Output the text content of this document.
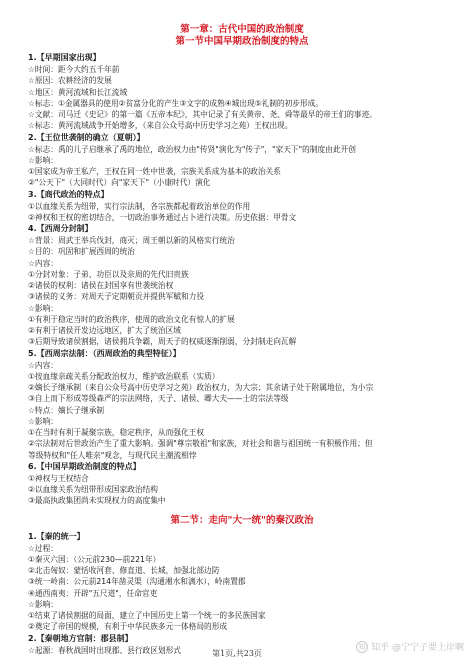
第一章：古代中国的政治制度
第一节中国早期政治制度的特点
1.【早期国家出现】
☆时间：距今大约五千年前
☆原因：农耕经济的发展
☆地区：黄河流域和长江流域
☆标志：①金属器具的使用②贫富分化的产生③文字的成熟④城出现⑤礼制的初步形成。
☆文献：司马迁《史记》的第一篇《五帝本纪》，其中记录了有关黄帝、尧、舜等最早的帝王们的事迹。
☆标志：黄河流域战争开始增多，（来自公众号高中历史学习之苑）王权出现。
2.【王位世袭制的确立（夏朝）】
☆标志：禹的儿子启继承了禹的地位，政治权力由"传贤"演化为"传子"，"家天下"的制度由此开创
☆影响：
①国家成为帝王私产，王权在同一姓中世袭，宗族关系成为基本的政治关系
②"公天下"（大同时代）向"家天下"（小康时代）演化
3.【商代政治的特点】
①以血缘关系为纽带，实行宗法制，各宗族都起着政治单位的作用
②神权和王权的密切结合，一切政治事务通过占卜进行决策。历史依据：甲骨文
4.【西周分封制】
☆背景：周武王举兵伐封，商灭；周王朝以新的风格实行统治
☆目的：巩固和扩展西周的统治
☆内容：
①分封对象：子弟、功臣以及亲周的先代旧贵族
②诸侯的权利：诸侯在封国享有世袭统治权
③诸侯的义务：对周天子定期朝贡并提供军赋和力役
☆影响：
①有利于稳定当时的政治秩序，使周的政治文化有惊人的扩展
②有利于诸侯开发边远地区，扩大了统治区域
③后期导致诸侯割据，诸侯拥兵争霸，周天子的权威逐渐削弱，分封制走向瓦解
5.【西周宗法制：（西周政治的典型特征）】
☆内容：
①按血缘亲疏关系分配政治权力，维护政治联系（实质）
②嫡长子继承制（来自公众号高中历史学习之苑）政治权力，为大宗；其余诸子处于附属地位，为小宗
③自上而下形成等级森严的宗法网络，天子、诸侯、卿大夫——士的宗法等级
☆特点：嫡长子继承制
☆影响：
①在当时有利于凝聚宗族，稳定秩序，从而强化王权
②宗法制对后世政治产生了重大影响。强调"尊宗敬祖"和家族，对社会和谐与祖国统一有积极作用；但
等级特权和"任人唯亲"观念，与现代民主潮流相悖
6.【中国早期政治制度的特点】
①神权与王权结合
②以血缘关系为纽带形成国家政治结构
③最高执政集团尚未实现权力的高度集中
第二节：走向"大一统"的秦汉政治
1.【秦的统一】
☆过程：
①秦灭六国：（公元前230—前221年）
②北击匈奴：蒙恬收河套、修直道、长城，加强北部边防
③统一岭南：公元前214年凿灵渠（沟通湘水和漓水），岭南置郡
④通西南夷：开辟"五尺道"，任命官吏
☆影响：
①结束了诸侯割据的局面，建立了中国历史上第一个统一的多民族国家
②奠定了帝国的规模，有利于中华民族多元一体格局的形成
2.【秦朝地方官制：郡县制】
☆起源：春秋战国时出现郡、县行政区划形式	第1页,共23页
知 知乎 @宁宁子要上岸啊
